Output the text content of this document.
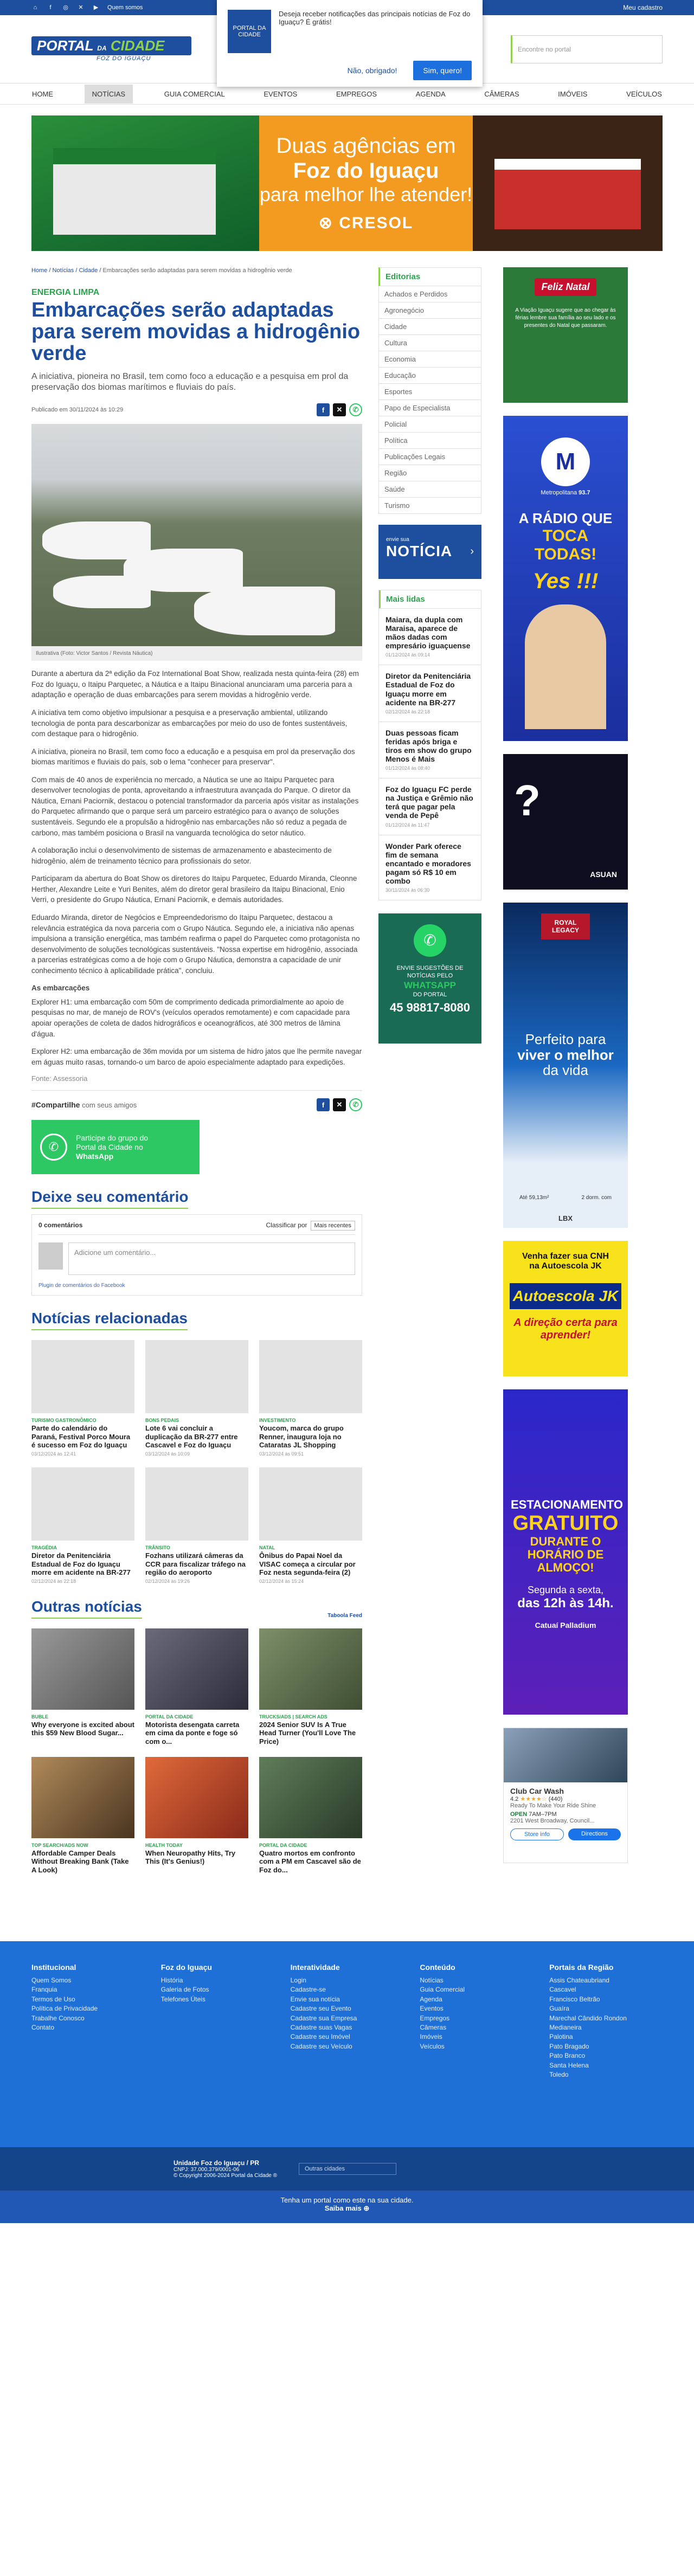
⌂	f	◎ ✕ ▶ Quem somos	Meu cadastro
PORTAL DA CIDADE
FOZ DO IGUAÇU
Encontre no portal
PORTAL DA CIDADE
Deseja receber notificações das principais notícias de Foz do Iguaçu? É grátis!
Não, obrigado!	Sim, quero!
HOME	NOTÍCIAS	GUIA COMERCIAL	EVENTOS	EMPREGOS	AGENDA	CÂMERAS	IMÓVEIS	VEÍCULOS
Duas agências em
Foz do Iguaçu
para melhor lhe atender!
⊗ CRESOL
Home / Notícias / Cidade / Embarcações serão adaptadas para serem movidas a hidrogênio verde
ENERGIA LIMPA
Embarcações serão adaptadas para serem movidas a hidrogênio verde
A iniciativa, pioneira no Brasil, tem como foco a educação e a pesquisa em prol da preservação dos biomas marítimos e fluviais do país.
Publicado em 30/11/2024 às 10:29	f	✕	✆
Ilustrativa (Foto: Victor Santos / Revista Náutica)

Durante a abertura da 2ª edição da Foz International Boat Show, realizada nesta quinta-feira (28) em Foz do Iguaçu, o Itaipu Parquetec, a Náutica e a Itaipu Binacional anunciaram uma parceria para a adaptação e operação de duas embarcações para serem movidas a hidrogênio verde.

A iniciativa tem como objetivo impulsionar a pesquisa e a preservação ambiental, utilizando tecnologia de ponta para descarbonizar as embarcações por meio do uso de fontes sustentáveis, com destaque para o hidrogênio.

A iniciativa, pioneira no Brasil, tem como foco a educação e a pesquisa em prol da preservação dos biomas marítimos e fluviais do país, sob o lema "conhecer para preservar".

Com mais de 40 anos de experiência no mercado, a Náutica se une ao Itaipu Parquetec para desenvolver tecnologias de ponta, aproveitando a infraestrutura avançada do Parque. O diretor da Náutica, Ernani Paciornik, destacou o potencial transformador da parceria após visitar as instalações do Parquetec afirmando que o parque será um parceiro estratégico para o avanço de soluções sustentáveis. Segundo ele a propulsão a hidrogênio nas embarcações não só reduz a pegada de carbono, mas também posiciona o Brasil na vanguarda tecnológica do setor náutico.

A colaboração inclui o desenvolvimento de sistemas de armazenamento e abastecimento de hidrogênio, além de treinamento técnico para profissionais do setor.

Participaram da abertura do Boat Show os diretores do Itaipu Parquetec, Eduardo Miranda, Cleonne Herther, Alexandre Leite e Yuri Benites, além do diretor geral brasileiro da Itaipu Binacional, Enio Verri, o presidente do Grupo Náutica, Ernani Paciornik, e demais autoridades.

Eduardo Miranda, diretor de Negócios e Empreendedorismo do Itaipu Parquetec, destacou a relevância estratégica da nova parceria com o Grupo Náutica. Segundo ele, a iniciativa não apenas impulsiona a transição energética, mas também reafirma o papel do Parquetec como protagonista no desenvolvimento de soluções tecnológicas sustentáveis. "Nossa expertise em hidrogênio, associada a parcerias estratégicas como a de hoje com o Grupo Náutica, demonstra a capacidade de unir conhecimento técnico à aplicabilidade prática", concluiu.

As embarcações

Explorer H1: uma embarcação com 50m de comprimento dedicada primordialmente ao apoio de pesquisas no mar, de manejo de ROV's (veículos operados remotamente) e com capacidade para apoiar operações de coleta de dados hidrográficos e oceanográficos, até 300 metros de lâmina d'água.

Explorer H2: uma embarcação de 36m movida por um sistema de hidro jatos que lhe permite navegar em águas muito rasas, tornando-o um barco de apoio especialmente adaptado para expedições.

Fonte: Assessoria
#Compartilhe com seus amigos	f	✕	✆
✆
Participe do grupo do
Portal da Cidade no
WhatsApp
Deixe seu comentário
0 comentários	Classificar por Mais recentes
Adicione um comentário...
Plugin de comentários do Facebook
Notícias relacionadas
TURISMO GASTRONÔMICO
Parte do calendário do Paraná, Festival Porco Moura é sucesso em Foz do Iguaçu
03/12/2024 às 12:41
BONS PEDAIS
Lote 6 vai concluir a duplicação da BR-277 entre Cascavel e Foz do Iguaçu
03/12/2024 às 10:09
INVESTIMENTO
Youcom, marca do grupo Renner, inaugura loja no Cataratas JL Shopping
03/12/2024 às 09:51
TRAGÉDIA
Diretor da Penitenciária Estadual de Foz do Iguaçu morre em acidente na BR-277
02/12/2024 às 22:18
TRÂNSITO
Fozhans utilizará câmeras da CCR para fiscalizar tráfego na região do aeroporto
02/12/2024 às 19:26
NATAL
Ônibus do Papai Noel da VISAC começa a circular por Foz nesta segunda-feira (2)
02/12/2024 às 15:24
Outras notícias
Taboola Feed
BUBLE
Why everyone is excited about this $59 New Blood Sugar...
PORTAL DA CIDADE
Motorista desengata carreta em cima da ponte e foge só com o...
TRUCKS/ADS | SEARCH ADS
2024 Senior SUV Is A True Head Turner (You'll Love The Price)
TOP SEARCH/ADS NOW
Affordable Camper Deals Without Breaking Bank (Take A Look)
HEALTH TODAY
When Neuropathy Hits, Try This (It's Genius!)
PORTAL DA CIDADE
Quatro mortos em confronto com a PM em Cascavel são de Foz do...
Editorias
Achados e Perdidos
Agronegócio
Cidade
Cultura
Economia
Educação
Esportes
Papo de Especialista
Policial
Política
Publicações Legais
Região
Saúde
Turismo
envie sua
NOTÍCIA	›
Mais lidas
Maiara, da dupla com Maraisa, aparece de mãos dadas com empresário iguaçuense
01/12/2024 às 09:14
Diretor da Penitenciária Estadual de Foz do Iguaçu morre em acidente na BR-277
02/12/2024 às 22:18
Duas pessoas ficam feridas após briga e tiros em show do grupo Menos é Mais
01/12/2024 às 08:40
Foz do Iguaçu FC perde na Justiça e Grêmio não terá que pagar pela venda de Pepê
01/12/2024 às 11:47
Wonder Park oferece fim de semana encantado e moradores pagam só R$ 10 em combo
30/11/2024 às 06:30
✆
ENVIE SUGESTÕES DE NOTÍCIAS PELO
WHATSAPP
DO PORTAL
45 98817-8080
Feliz Natal
A Viação Iguaçu sugere que ao chegar às férias lembre sua família ao seu lado e os presentes do Natal que passaram.
M
Metropolitana 93.7
A RÁDIO QUE
TOCA TODAS!
Yes !!!
?
ASUAN
ROYAL LEGACY
Perfeito para
viver o melhor
da vida
Até 59,13m²	2 dorm. com
LBX
Venha fazer sua CNH
na Autoescola JK
Autoescola JK
A direção certa para aprender!
ESTACIONAMENTO
GRATUITO
DURANTE O HORÁRIO DE ALMOÇO!
Segunda a sexta,
das 12h às 14h.
Catuaí Palladium
Club Car Wash
4.2 ★★★★☆ (440)
Ready To Make Your Ride Shine
OPEN 7AM–7PM
2201 West Broadway, Council...
Store info	Directions
Institucional

Quem Somos

Franquia

Termos de Uso

Política de Privacidade

Trabalhe Conosco

Contato

Foz do Iguaçu

História

Galeria de Fotos

Telefones Úteis

Interatividade

Login

Cadastre-se

Envie sua notícia

Cadastre seu Evento

Cadastre sua Empresa

Cadastre suas Vagas

Cadastre seu Imóvel

Cadastre seu Veículo

Conteúdo

Notícias

Guia Comercial

Agenda

Eventos

Empregos

Câmeras

Imóveis

Veículos

Portais da Região

Assis Chateaubriand

Cascavel

Francisco Beltrão

Guaíra

Marechal Cândido Rondon

Medianeira

Palotina

Pato Bragado

Pato Branco

Santa Helena

Toledo

Unidade Foz do Iguaçu / PR
CNPJ: 37.000.379/0001-06
© Copyright 2006-2024 Portal da Cidade ®
Outras cidades
Tenha um portal como este na sua cidade.
Saiba mais ⊕
